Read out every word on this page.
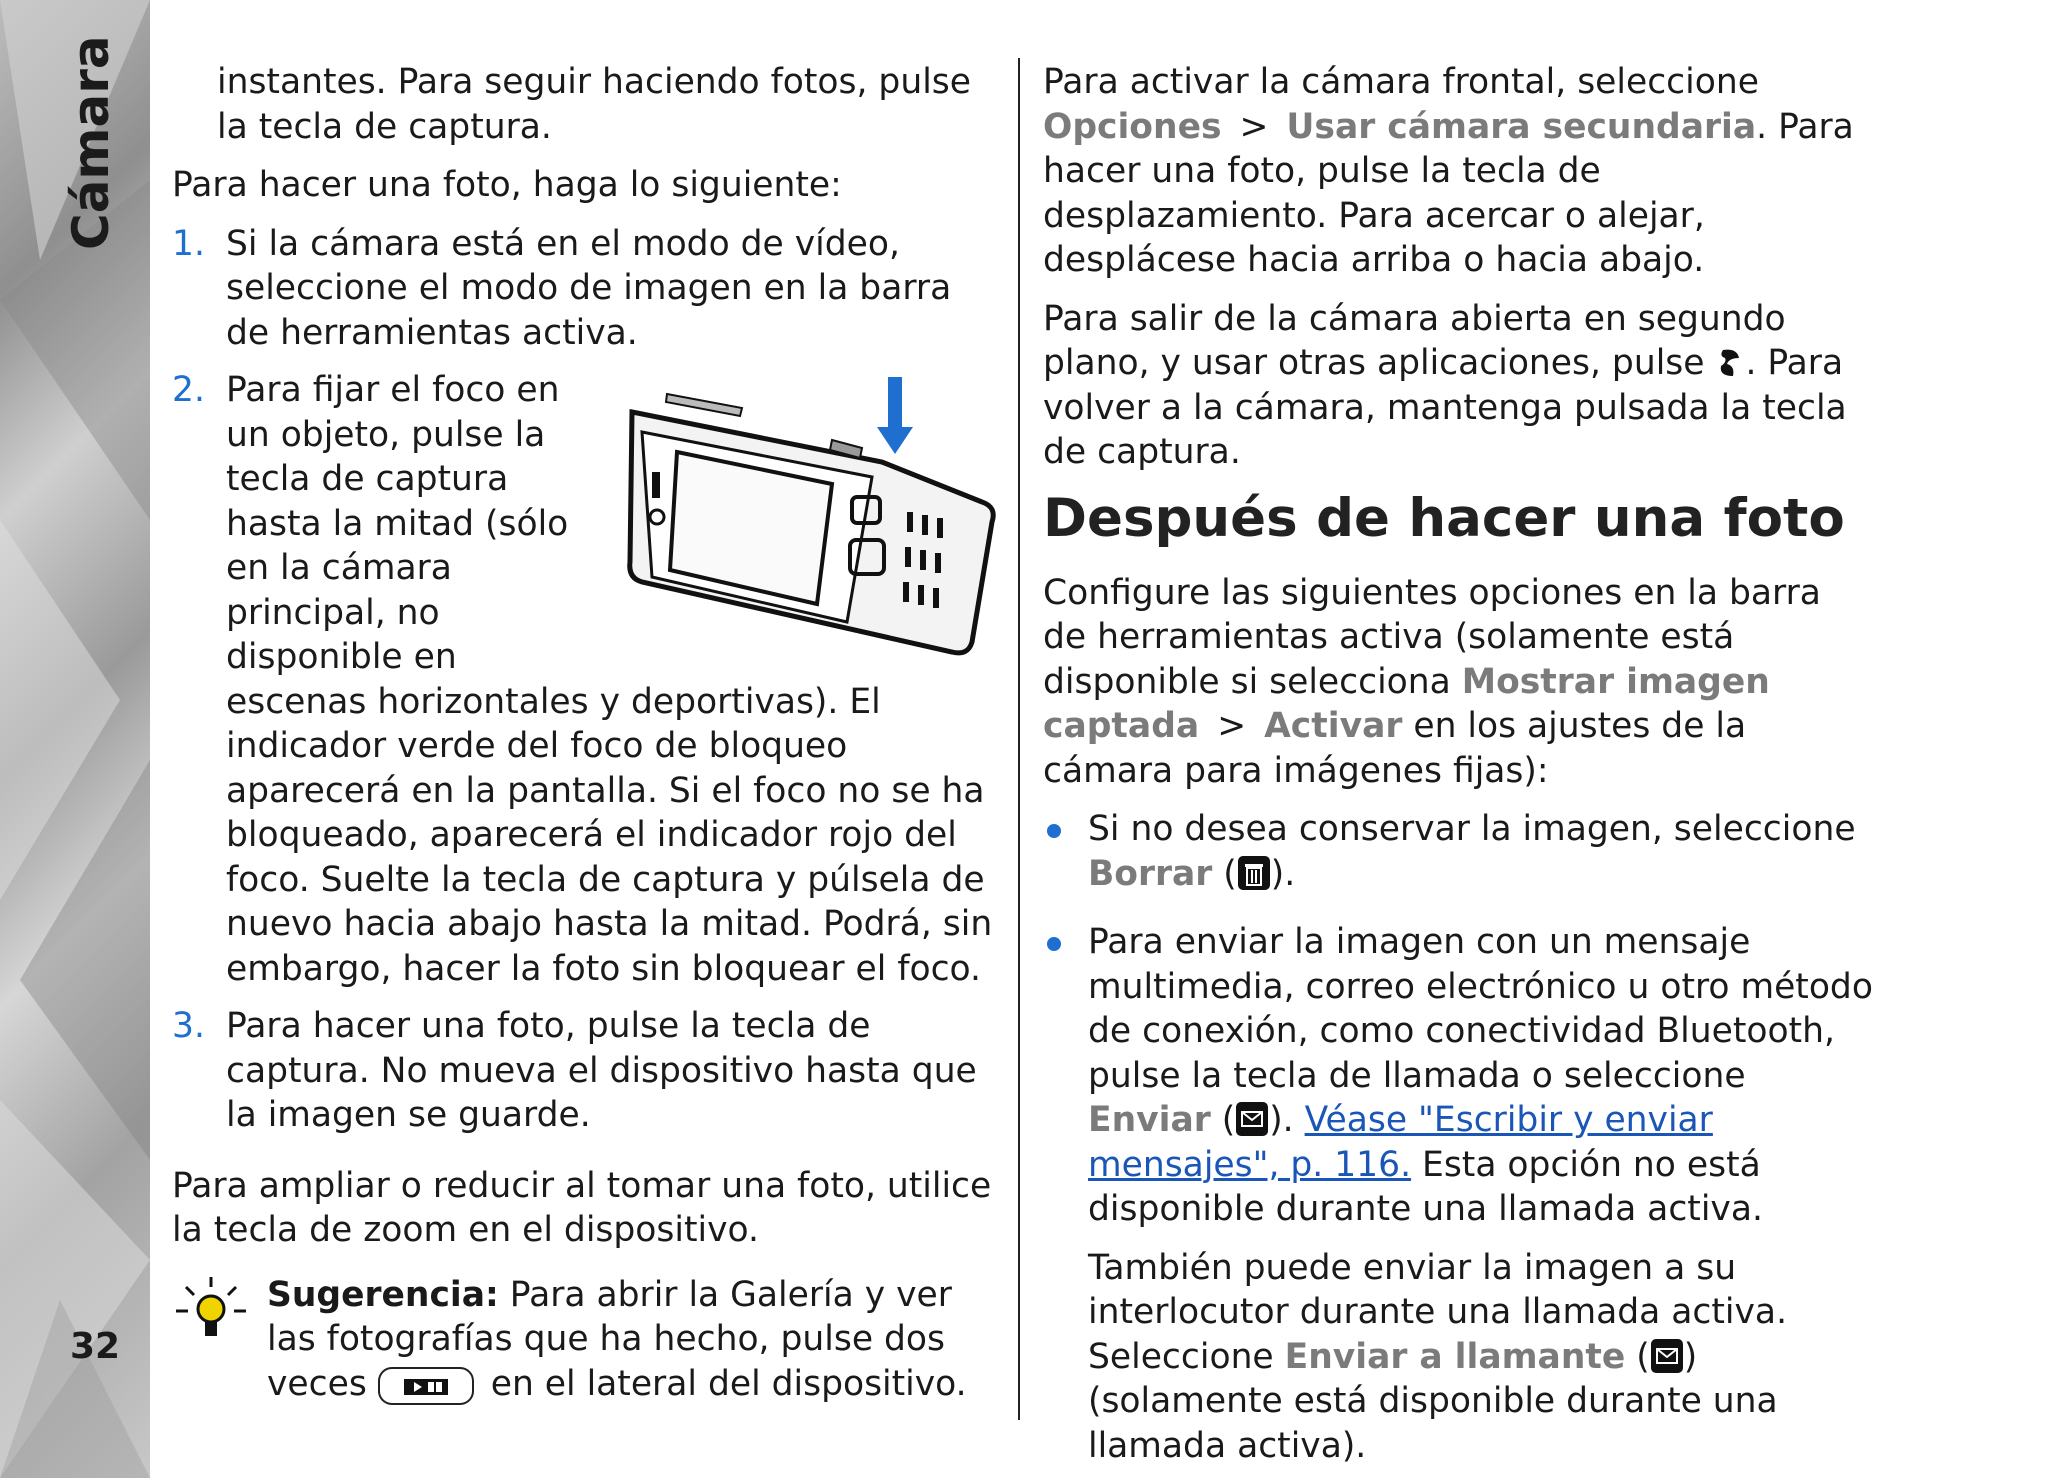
Cámara
32

instantes. Para seguir haciendo fotos, pulse la tecla de captura.

Para hacer una foto, haga lo siguiente:

1. Si la cámara está en el modo de vídeo, seleccione el modo de imagen en la barra de herramientas activa.
2. Para fijar el foco en un objeto, pulse la tecla de captura hasta la mitad (sólo en la cámara principal, no disponible en escenas horizontales y deportivas). El indicador verde del foco de bloqueo aparecerá en la pantalla. Si el foco no se ha bloqueado, aparecerá el indicador rojo del foco. Suelte la tecla de captura y púlsela de nuevo hacia abajo hasta la mitad. Podrá, sin embargo, hacer la foto sin bloquear el foco.
3. Para hacer una foto, pulse la tecla de captura. No mueva el dispositivo hasta que la imagen se guarde.

Para ampliar o reducir al tomar una foto, utilice la tecla de zoom en el dispositivo.

Sugerencia: Para abrir la Galería y ver las fotografías que ha hecho, pulse dos veces	en el lateral del dispositivo.

Para activar la cámara frontal, seleccione Opciones > Usar cámara secundaria. Para hacer una foto, pulse la tecla de desplazamiento. Para acercar o alejar, desplácese hacia arriba o hacia abajo.

Para salir de la cámara abierta en segundo plano, y usar otras aplicaciones, pulse . Para volver a la cámara, mantenga pulsada la tecla de captura.

Después de hacer una foto

Configure las siguientes opciones en la barra de herramientas activa (solamente está disponible si selecciona Mostrar imagen captada > Activar en los ajustes de la cámara para imágenes fijas):

Si no desea conservar la imagen, seleccione Borrar ( ).
Para enviar la imagen con un mensaje multimedia, correo electrónico u otro método de conexión, como conectividad Bluetooth, pulse la tecla de llamada o seleccione Enviar ( ). Véase "Escribir y enviar mensajes", p. 116. Esta opción no está disponible durante una llamada activa.

También puede enviar la imagen a su interlocutor durante una llamada activa. Seleccione Enviar a llamante ( ) (solamente está disponible durante una llamada activa).
